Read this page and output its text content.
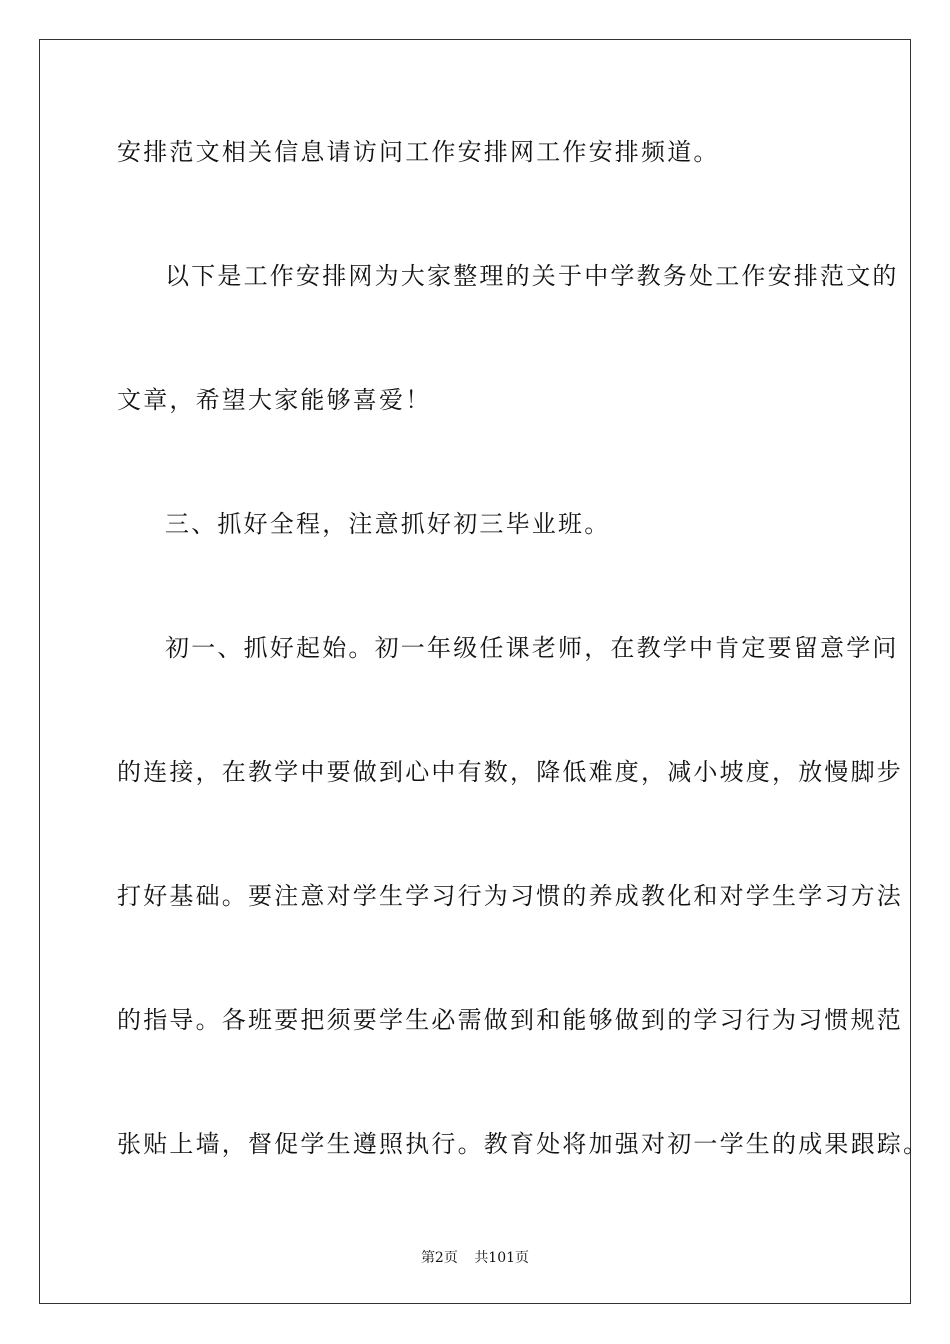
安排范文相关信息请访问工作安排网工作安排频道。
以下是工作安排网为大家整理的关于中学教务处工作安排范文的
文章，希望大家能够喜爱！
三、抓好全程，注意抓好初三毕业班。
初一、抓好起始。初一年级任课老师，在教学中肯定要留意学问
的连接，在教学中要做到心中有数，降低难度，减小坡度，放慢脚步
打好基础。要注意对学生学习行为习惯的养成教化和对学生学习方法
的指导。各班要把须要学生必需做到和能够做到的学习行为习惯规范
张贴上墙，督促学生遵照执行。教育处将加强对初一学生的成果跟踪。
第2页 共101页
